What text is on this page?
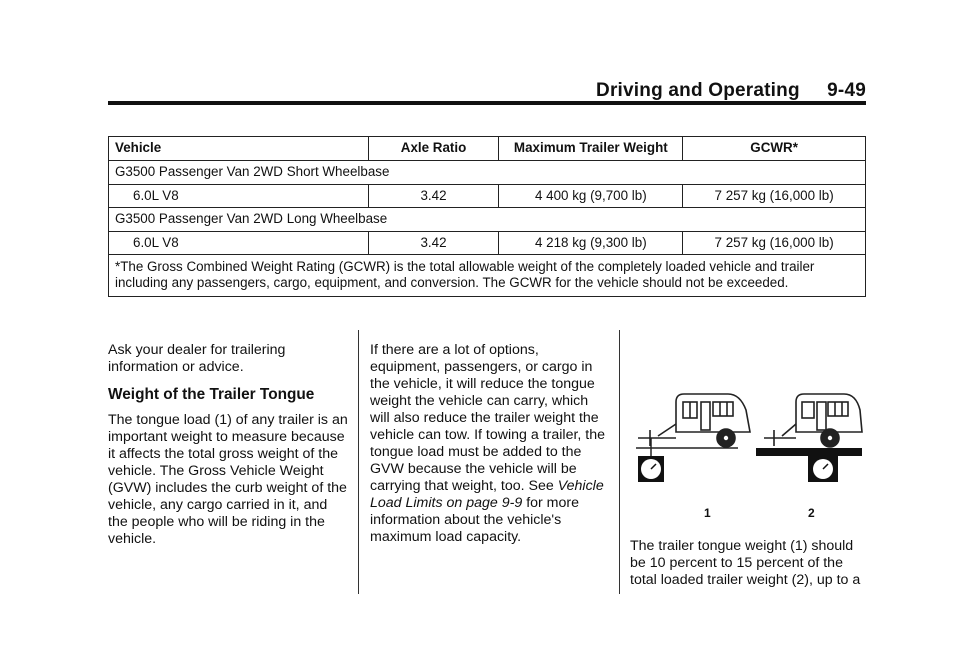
Driving and Operating     9-49
Vehicle	Axle Ratio	Maximum Trailer Weight	GCWR*
G3500 Passenger Van 2WD Short Wheelbase			
6.0L V8	3.42	4 400 kg (9,700 lb)	7 257 kg (16,000 lb)
G3500 Passenger Van 2WD Long Wheelbase			
6.0L V8	3.42	4 218 kg (9,300 lb)	7 257 kg (16,000 lb)
*The Gross Combined Weight Rating (GCWR) is the total allowable weight of the completely loaded vehicle and trailer including any passengers, cargo, equipment, and conversion. The GCWR for the vehicle should not be exceeded.			

Ask your dealer for trailering information or advice.

Weight of the Trailer Tongue

The tongue load (1) of any trailer is an important weight to measure because it affects the total gross weight of the vehicle. The Gross Vehicle Weight (GVW) includes the curb weight of the vehicle, any cargo carried in it, and the people who will be riding in the vehicle.

If there are a lot of options, equipment, passengers, or cargo in the vehicle, it will reduce the tongue weight the vehicle can carry, which will also reduce the trailer weight the vehicle can tow. If towing a trailer, the tongue load must be added to the GVW because the vehicle will be carrying that weight, too. See Vehicle Load Limits on page 9‑9 for more information about the vehicle's maximum load capacity.

1	2

The trailer tongue weight (1) should be 10 percent to 15 percent of the total loaded trailer weight (2), up to a
